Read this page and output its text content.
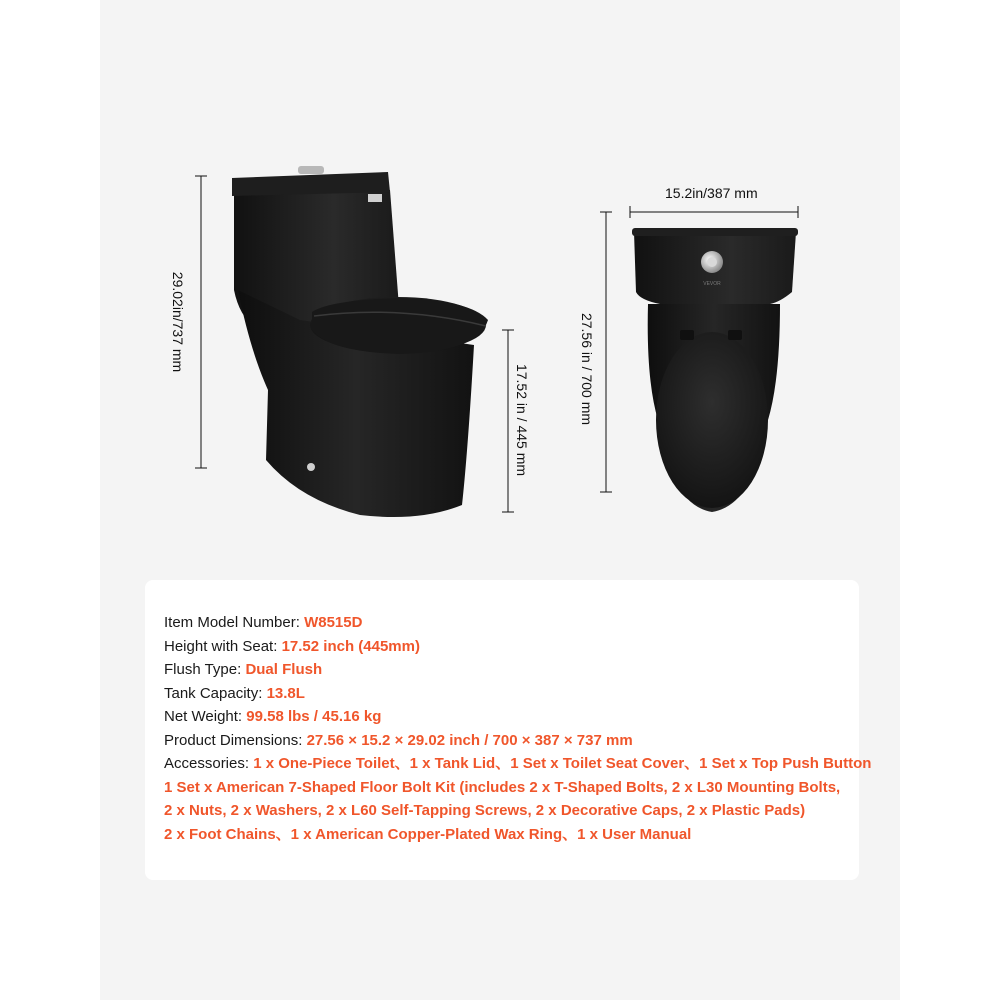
VEVOR
29.02in/737 mm
17.52 in / 445 mm
15.2in/387 mm
27.56 in / 700 mm
Item Model Number: W8515D
Height with Seat: 17.52 inch (445mm)
Flush Type: Dual Flush
Tank Capacity: 13.8L
Net Weight: 99.58 lbs / 45.16 kg
Product Dimensions: 27.56 × 15.2 × 29.02 inch / 700 × 387 × 737 mm
Accessories: 1 x One-Piece Toilet、1 x Tank Lid、1 Set x Toilet Seat Cover、1 Set x Top Push Button
1 Set x American 7-Shaped Floor Bolt Kit (includes 2 x T-Shaped Bolts, 2 x L30 Mounting Bolts,
2 x Nuts, 2 x Washers, 2 x L60 Self-Tapping Screws, 2 x Decorative Caps, 2 x Plastic Pads)
2 x Foot Chains、1 x American Copper-Plated Wax Ring、1 x User Manual
